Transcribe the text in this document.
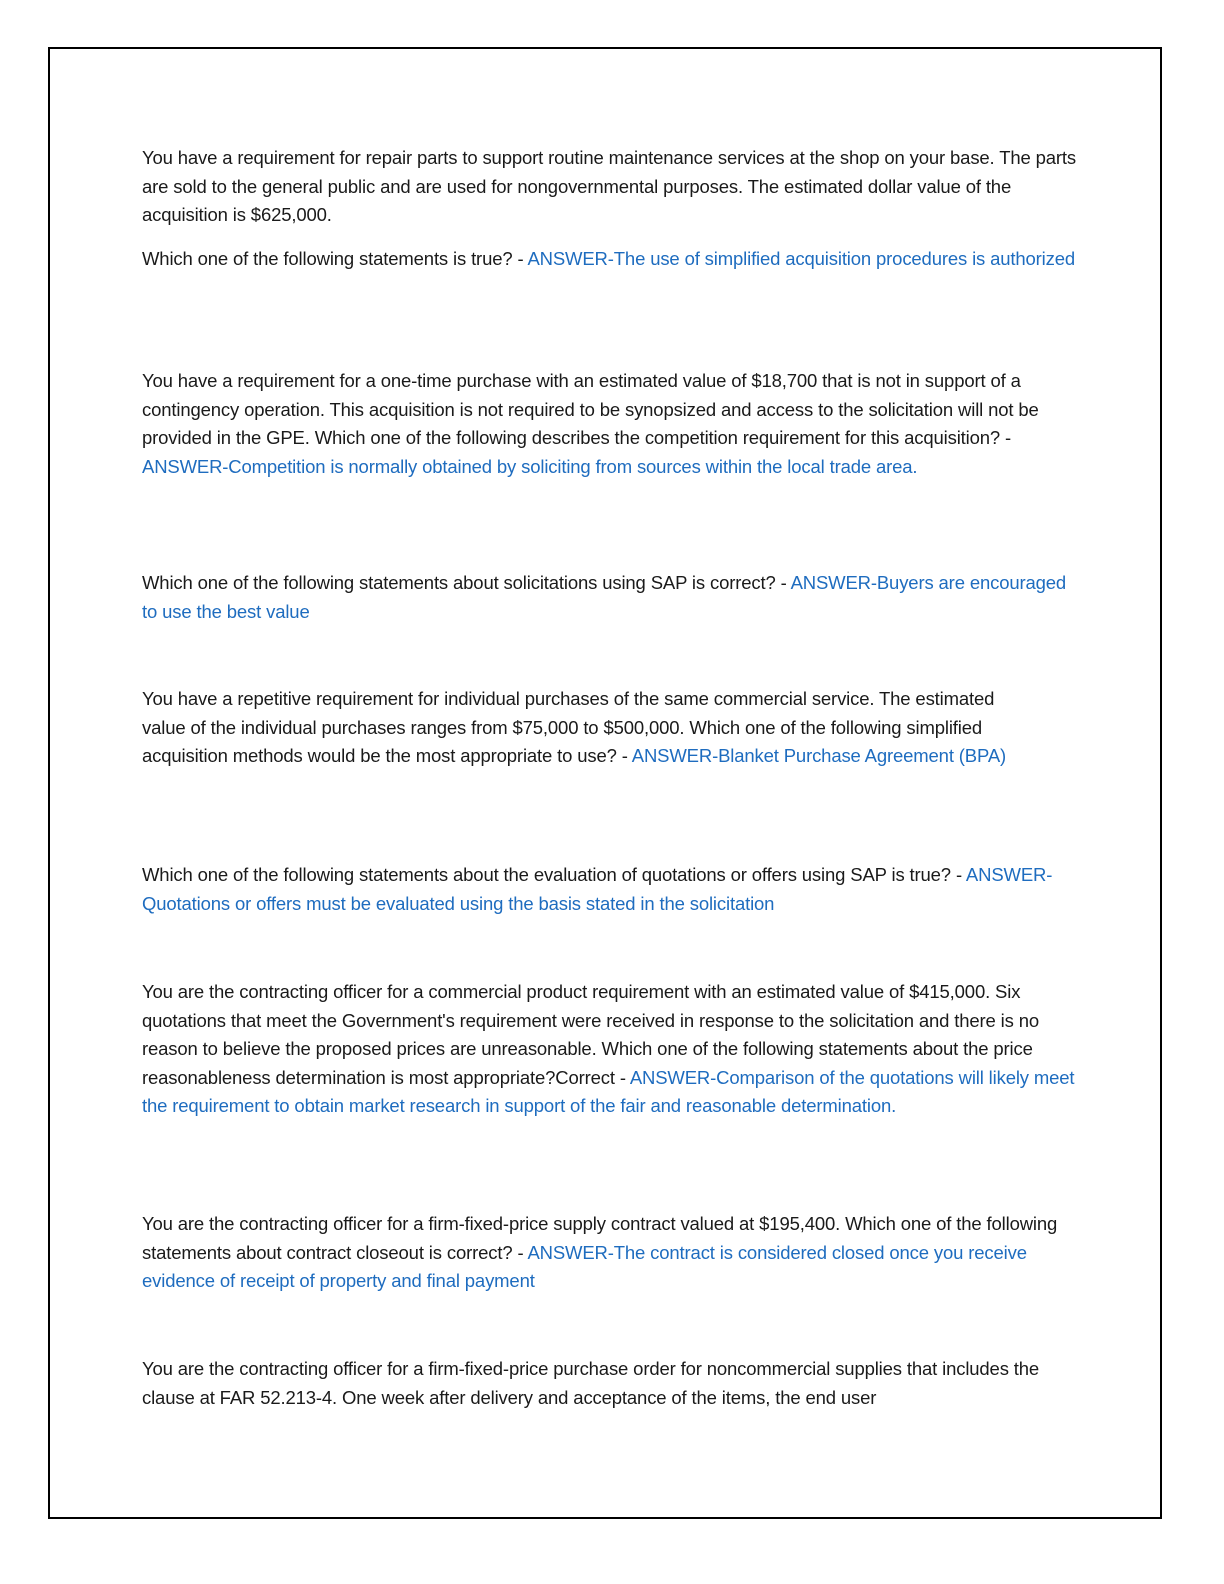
You have a requirement for repair parts to support routine maintenance services at the shop on your base. The parts are sold to the general public and are used for nongovernmental purposes. The estimated dollar value of the acquisition is $625,000.

Which one of the following statements is true? - ANSWER-The use of simplified acquisition procedures is authorized

You have a requirement for a one-time purchase with an estimated value of $18,700 that is not in support of a contingency operation. This acquisition is not required to be synopsized and access to the solicitation will not be provided in the GPE. Which one of the following describes the competition requirement for this acquisition? - ANSWER-Competition is normally obtained by soliciting from sources within the local trade area.

Which one of the following statements about solicitations using SAP is correct? - ANSWER-Buyers are encouraged to use the best value

You have a repetitive requirement for individual purchases of the same commercial service. The estimated value of the individual purchases ranges from $75,000 to $500,000. Which one of the following simplified acquisition methods would be the most appropriate to use? - ANSWER-Blanket Purchase Agreement (BPA)

Which one of the following statements about the evaluation of quotations or offers using SAP is true? - ANSWER-Quotations or offers must be evaluated using the basis stated in the solicitation

You are the contracting officer for a commercial product requirement with an estimated value of $415,000. Six quotations that meet the Government's requirement were received in response to the solicitation and there is no reason to believe the proposed prices are unreasonable. Which one of the following statements about the price reasonableness determination is most appropriate?Correct - ANSWER-Comparison of the quotations will likely meet the requirement to obtain market research in support of the fair and reasonable determination.

You are the contracting officer for a firm-fixed-price supply contract valued at $195,400. Which one of the following statements about contract closeout is correct? - ANSWER-The contract is considered closed once you receive evidence of receipt of property and final payment

You are the contracting officer for a firm-fixed-price purchase order for noncommercial supplies that includes the clause at FAR 52.213-4. One week after delivery and acceptance of the items, the end user
